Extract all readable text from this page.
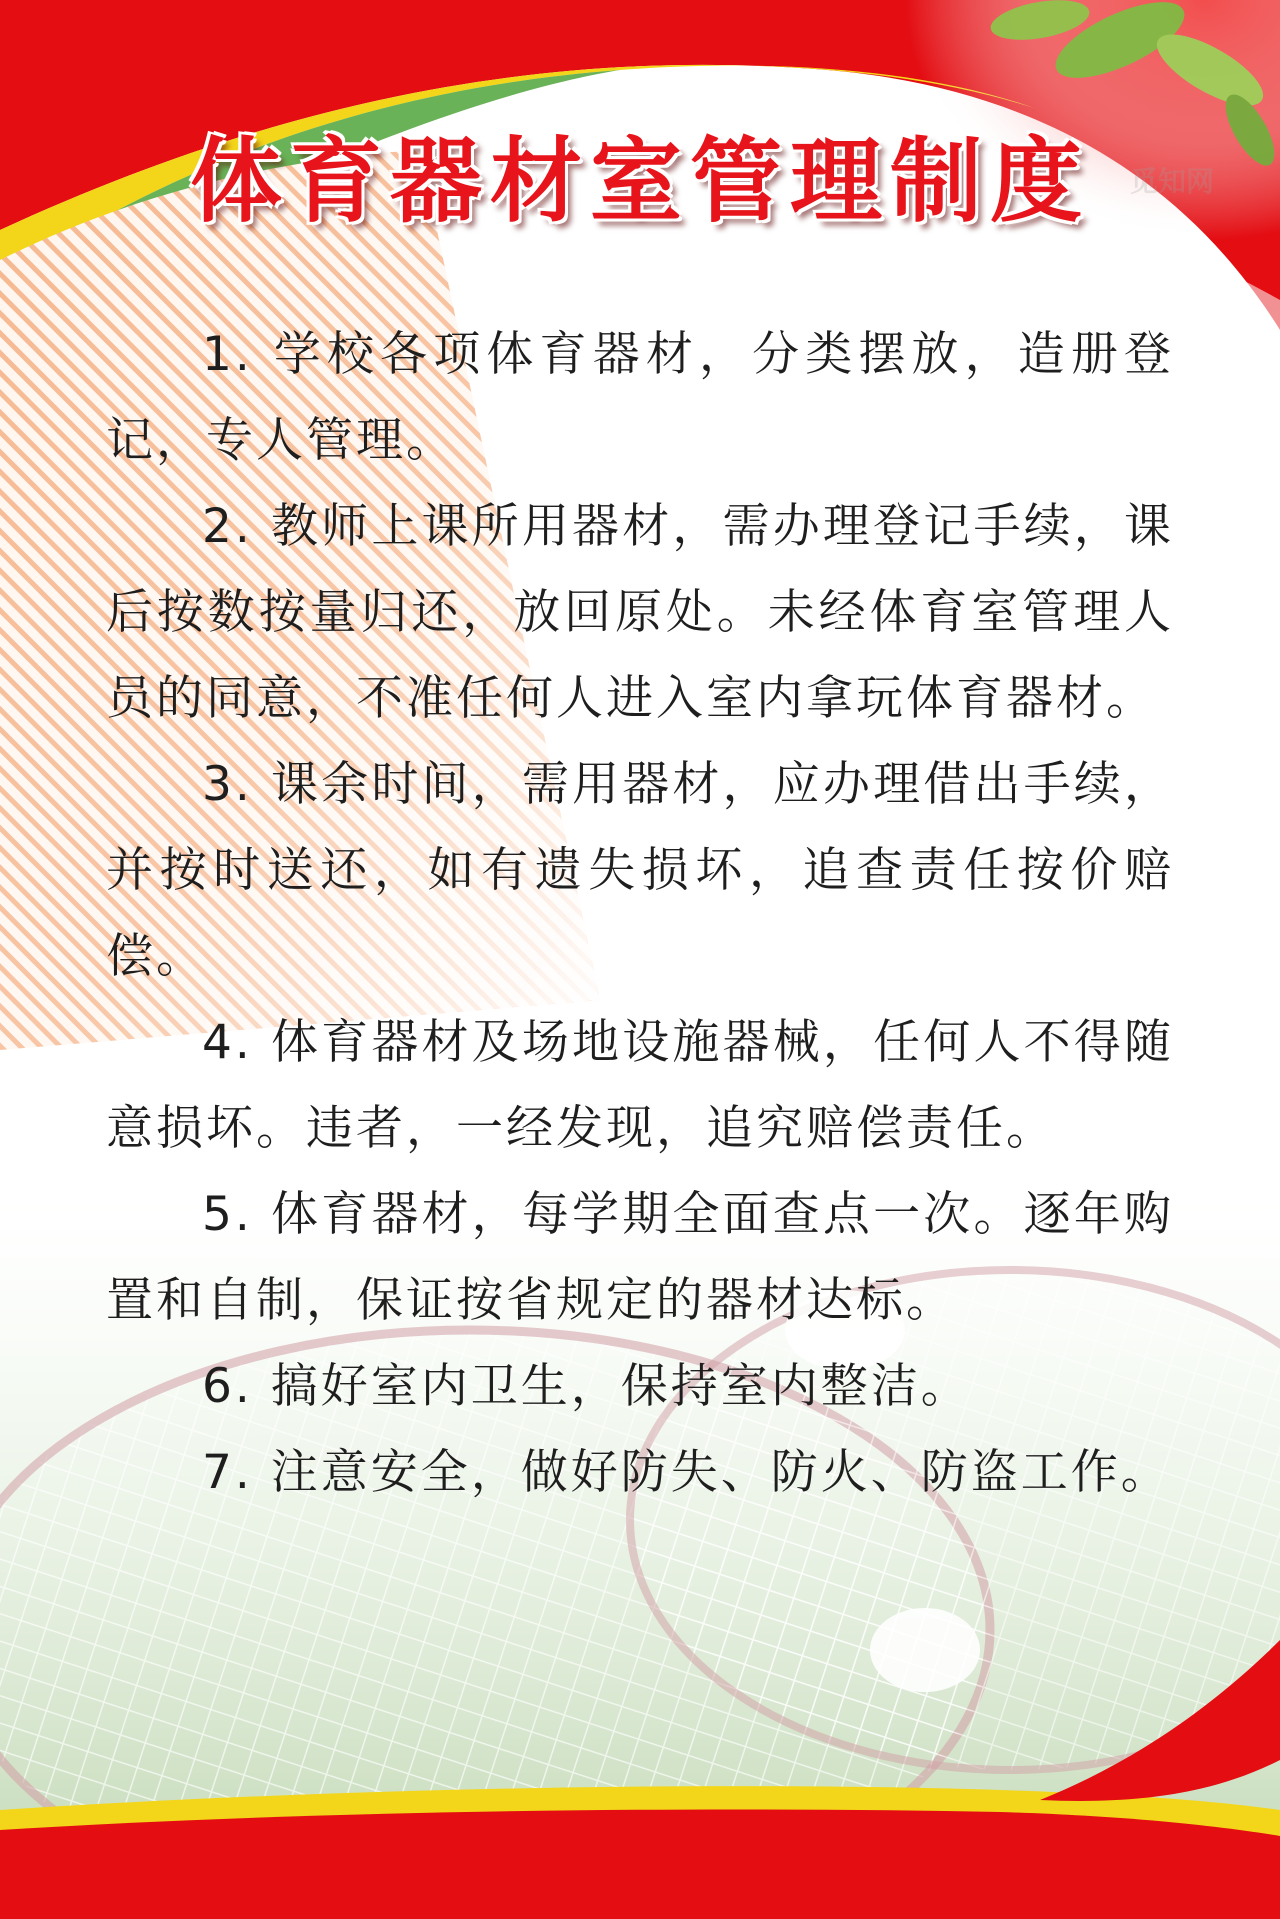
觅知网
体育器材室管理制度

1. 学校各项体育器材，分类摆放，造册登记，专人管理。

2. 教师上课所用器材，需办理登记手续，课后按数按量归还，放回原处。未经体育室管理人员的同意，不准任何人进入室内拿玩体育器材。

3. 课余时间，需用器材，应办理借出手续，并按时送还，如有遗失损坏，追查责任按价赔偿。

4. 体育器材及场地设施器械，任何人不得随意损坏。违者，一经发现，追究赔偿责任。

5. 体育器材，每学期全面查点一次。逐年购置和自制，保证按省规定的器材达标。

6. 搞好室内卫生，保持室内整洁。

7. 注意安全，做好防失、防火、防盗工作。
